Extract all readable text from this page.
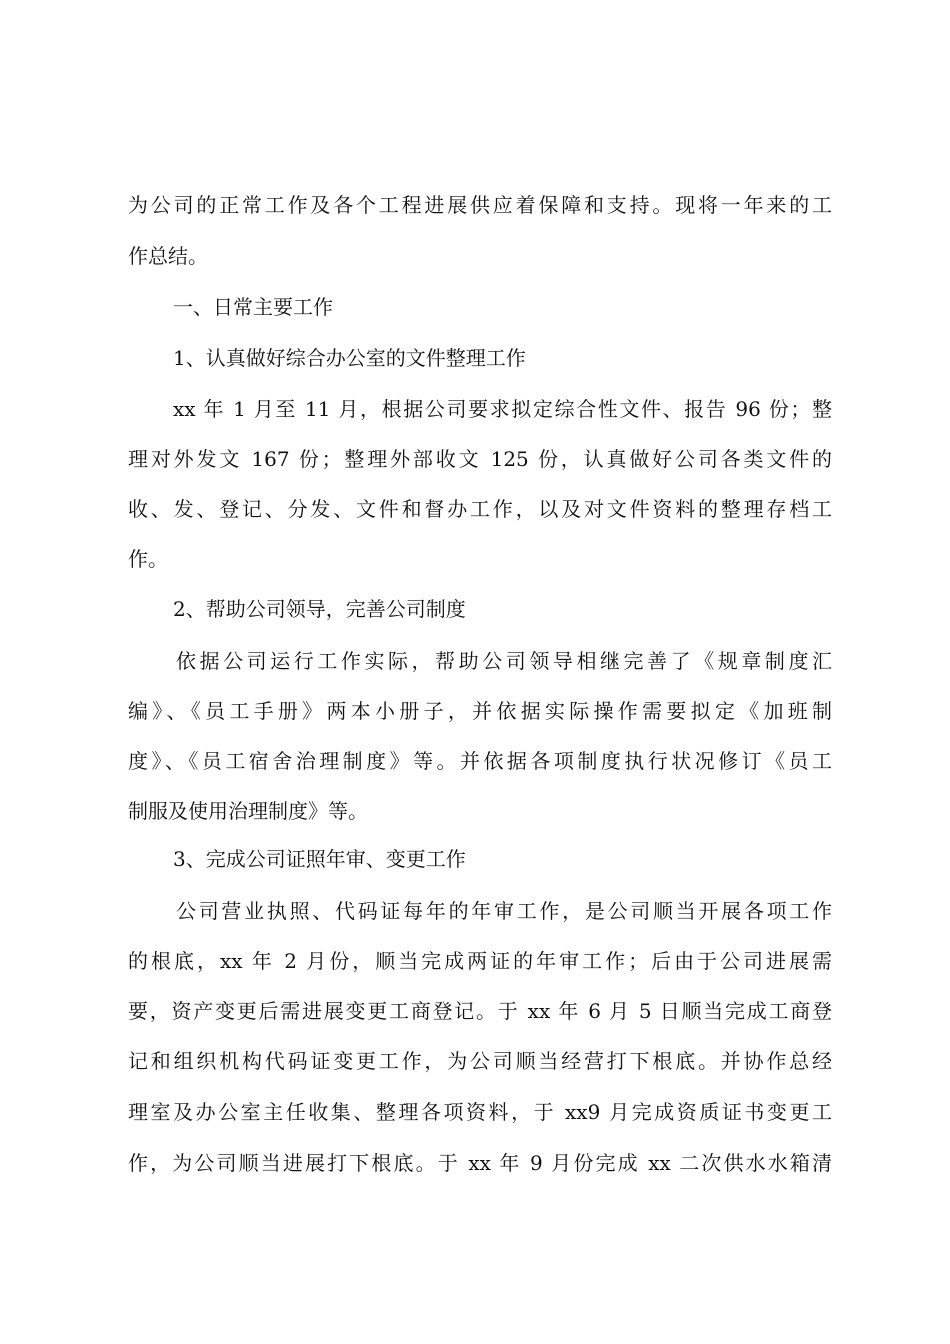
为公司的正常工作及各个工程进展供应着保障和支持。现将一年来的工
作总结。
一、日常主要工作
1、认真做好综合办公室的文件整理工作
xx 年 1 月至 11 月，根据公司要求拟定综合性文件、报告 96 份；整
理对外发文 167 份；整理外部收文 125 份，认真做好公司各类文件的
收、发、登记、分发、文件和督办工作，以及对文件资料的整理存档工
作。
2、帮助公司领导，完善公司制度
依据公司运行工作实际，帮助公司领导相继完善了《规章制度汇
编》、《员工手册》两本小册子，并依据实际操作需要拟定《加班制
度》、《员工宿舍治理制度》等。并依据各项制度执行状况修订《员工
制服及使用治理制度》等。
3、完成公司证照年审、变更工作
公司营业执照、代码证每年的年审工作，是公司顺当开展各项工作
的根底，xx 年 2 月份，顺当完成两证的年审工作；后由于公司进展需
要，资产变更后需进展变更工商登记。于 xx 年 6 月 5 日顺当完成工商登
记和组织机构代码证变更工作，为公司顺当经营打下根底。并协作总经
理室及办公室主任收集、整理各项资料，于 xx9 月完成资质证书变更工
作，为公司顺当进展打下根底。于 xx 年 9 月份完成 xx 二次供水水箱清
